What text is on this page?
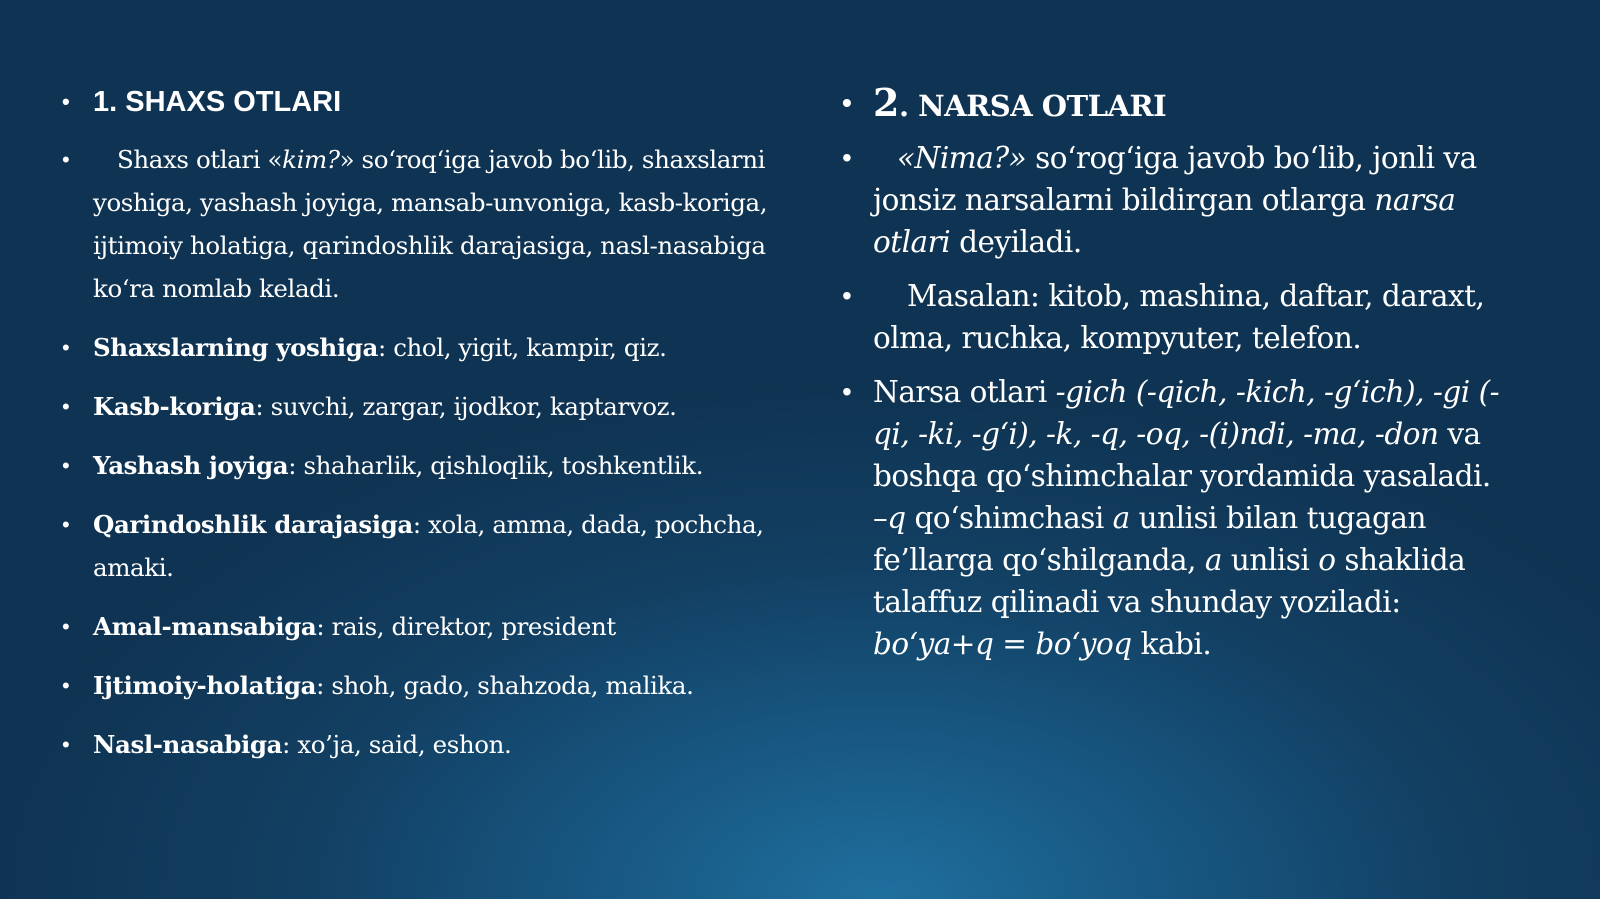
• 1. SHAXS OTLARI
• Shaxs otlari «kim?» so‘roq‘iga javob bo‘lib, shaxslarni yoshiga, yashash joyiga, mansab-unvoniga, kasb-koriga, ijtimoiy holatiga, qarindoshlik darajasiga, nasl-nasabiga ko‘ra nomlab keladi.
• Shaxslarning yoshiga: chol, yigit, kampir, qiz.
• Kasb-koriga: suvchi, zargar, ijodkor, kaptarvoz.
• Yashash joyiga: shaharlik, qishloqlik, toshkentlik.
• Qarindoshlik darajasiga: xola, amma, dada, pochcha, amaki.
• Amal-mansabiga: rais, direktor, president
• Ijtimoiy-holatiga: shoh, gado, shahzoda, malika.
• Nasl-nasabiga: xo’ja, said, eshon.
• 2. NARSA OTLARI
• «Nima?» so‘rog‘iga javob bo‘lib, jonli va jonsiz narsalarni bildirgan otlarga narsa otlari deyiladi.
• Masalan: kitob, mashina, daftar, daraxt, olma, ruchka, kompyuter, telefon.
• Narsa otlari -gich (-qich, -kich, -g‘ich), -gi (-qi, -ki, -g‘i), -k, -q, -oq, -(i)ndi, -ma, -don va boshqa qo‘shimchalar yordamida yasaladi. –q qo‘shimchasi a unlisi bilan tugagan fe’llarga qo‘shilganda, a unlisi o shaklida talaffuz qilinadi va shunday yoziladi: bo‘ya+q = bo‘yoq kabi.
